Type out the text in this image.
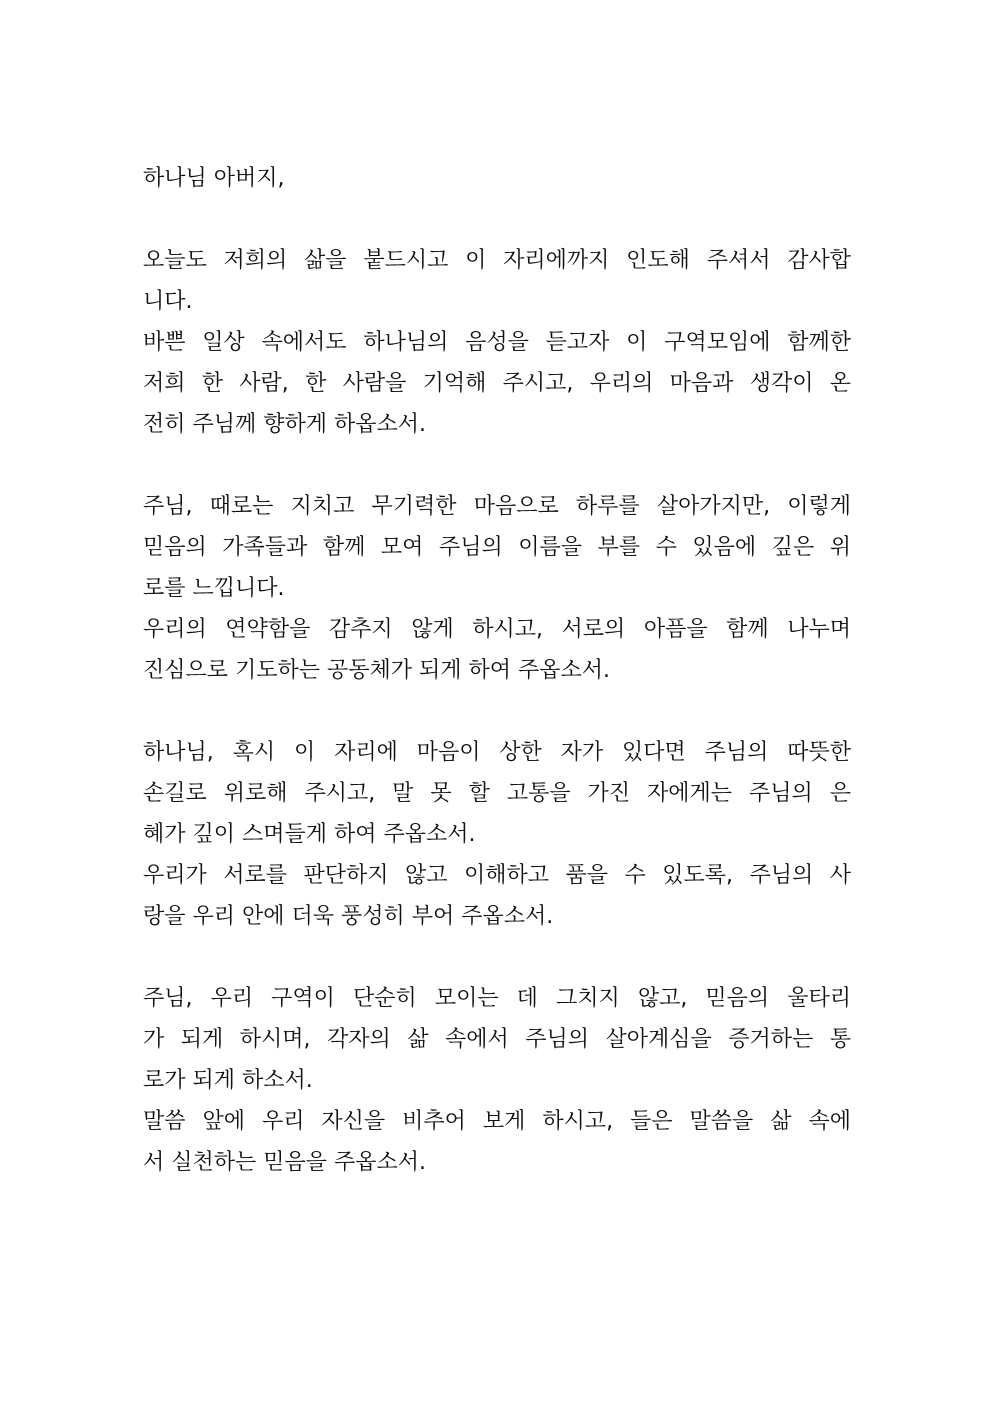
하나님 아버지,
오늘도 저희의 삶을 붙드시고 이 자리에까지 인도해 주셔서 감사합
니다.
바쁜 일상 속에서도 하나님의 음성을 듣고자 이 구역모임에 함께한
저희 한 사람, 한 사람을 기억해 주시고, 우리의 마음과 생각이 온
전히 주님께 향하게 하옵소서.
주님, 때로는 지치고 무기력한 마음으로 하루를 살아가지만, 이렇게
믿음의 가족들과 함께 모여 주님의 이름을 부를 수 있음에 깊은 위
로를 느낍니다.
우리의 연약함을 감추지 않게 하시고, 서로의 아픔을 함께 나누며
진심으로 기도하는 공동체가 되게 하여 주옵소서.
하나님, 혹시 이 자리에 마음이 상한 자가 있다면 주님의 따뜻한
손길로 위로해 주시고, 말 못 할 고통을 가진 자에게는 주님의 은
혜가 깊이 스며들게 하여 주옵소서.
우리가 서로를 판단하지 않고 이해하고 품을 수 있도록, 주님의 사
랑을 우리 안에 더욱 풍성히 부어 주옵소서.
주님, 우리 구역이 단순히 모이는 데 그치지 않고, 믿음의 울타리
가 되게 하시며, 각자의 삶 속에서 주님의 살아계심을 증거하는 통
로가 되게 하소서.
말씀 앞에 우리 자신을 비추어 보게 하시고, 들은 말씀을 삶 속에
서 실천하는 믿음을 주옵소서.
